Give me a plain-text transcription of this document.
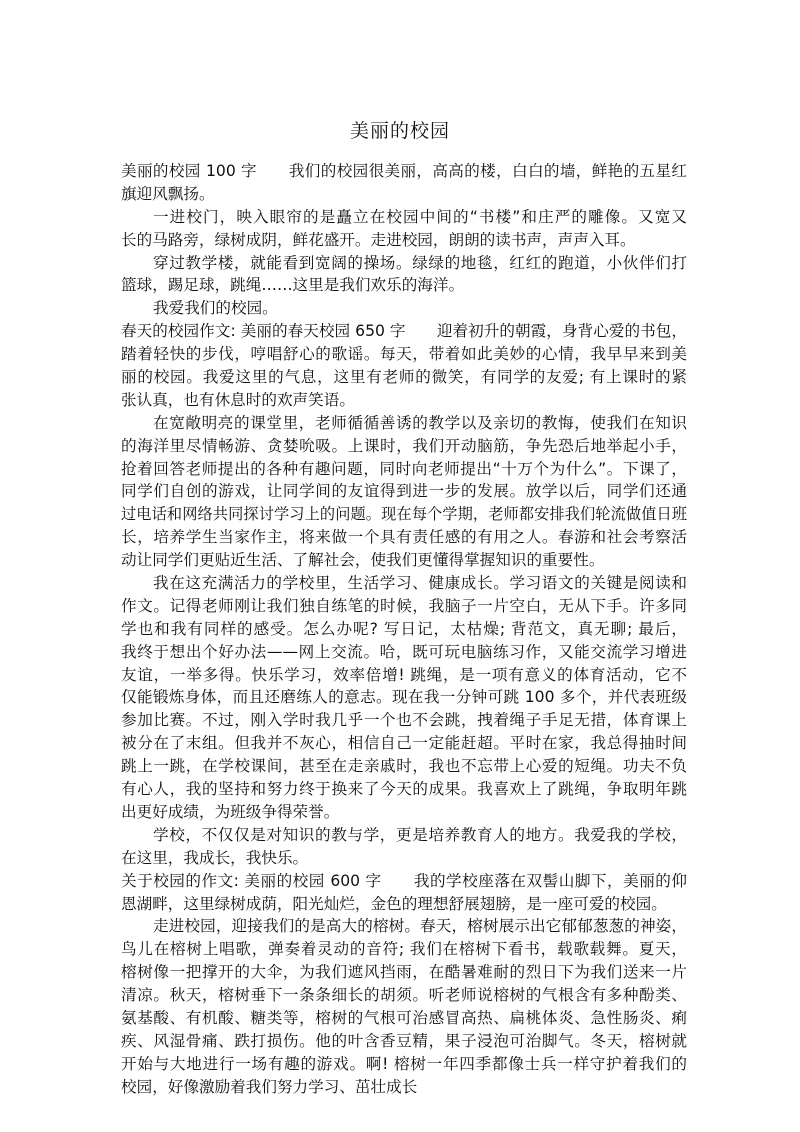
美丽的校园
美丽的校园 100 字　　我们的校园很美丽，高高的楼，白白的墙，鲜艳的五星红
旗迎风飘扬。
一进校门，映入眼帘的是矗立在校园中间的“书楼”和庄严的雕像。又宽又
长的马路旁，绿树成阴，鲜花盛开。走进校园，朗朗的读书声，声声入耳。
穿过教学楼，就能看到宽阔的操场。绿绿的地毯，红红的跑道，小伙伴们打
篮球，踢足球，跳绳……这里是我们欢乐的海洋。
我爱我们的校园。
春天的校园作文: 美丽的春天校园 650 字　　迎着初升的朝霞，身背心爱的书包，
踏着轻快的步伐，哼唱舒心的歌谣。每天，带着如此美妙的心情，我早早来到美
丽的校园。我爱这里的气息，这里有老师的微笑，有同学的友爱; 有上课时的紧
张认真，也有休息时的欢声笑语。
在宽敞明亮的课堂里，老师循循善诱的教学以及亲切的教悔，使我们在知识
的海洋里尽情畅游、贪婪吮吸。上课时，我们开动脑筋，争先恐后地举起小手，
抢着回答老师提出的各种有趣问题，同时向老师提出“十万个为什么”。下课了，
同学们自创的游戏，让同学间的友谊得到进一步的发展。放学以后，同学们还通
过电话和网络共同探讨学习上的问题。现在每个学期，老师都安排我们轮流做值日班
长，培养学生当家作主，将来做一个具有责任感的有用之人。春游和社会考察活
动让同学们更贴近生活、了解社会，使我们更懂得掌握知识的重要性。
我在这充满活力的学校里，生活学习、健康成长。学习语文的关键是阅读和
作文。记得老师刚让我们独自练笔的时候，我脑子一片空白，无从下手。许多同
学也和我有同样的感受。怎么办呢? 写日记，太枯燥; 背范文，真无聊; 最后，
我终于想出个好办法——网上交流。哈，既可玩电脑练习作，又能交流学习增进
友谊，一举多得。快乐学习，效率倍增! 跳绳，是一项有意义的体育活动，它不
仅能锻炼身体，而且还磨练人的意志。现在我一分钟可跳 100 多个，并代表班级
参加比赛。不过，刚入学时我几乎一个也不会跳，拽着绳子手足无措，体育课上
被分在了末组。但我并不灰心，相信自己一定能赶超。平时在家，我总得抽时间
跳上一跳，在学校课间，甚至在走亲戚时，我也不忘带上心爱的短绳。功夫不负
有心人，我的坚持和努力终于换来了今天的成果。我喜欢上了跳绳，争取明年跳
出更好成绩，为班级争得荣誉。
学校，不仅仅是对知识的教与学，更是培养教育人的地方。我爱我的学校，
在这里，我成长，我快乐。
关于校园的作文: 美丽的校园 600 字　　我的学校座落在双髻山脚下，美丽的仰
恩湖畔，这里绿树成荫，阳光灿烂，金色的理想舒展翅膀，是一座可爱的校园。
走进校园，迎接我们的是高大的榕树。春天，榕树展示出它郁郁葱葱的神姿，
鸟儿在榕树上唱歌，弹奏着灵动的音符; 我们在榕树下看书，载歌载舞。夏天，
榕树像一把撑开的大伞，为我们遮风挡雨，在酷暑难耐的烈日下为我们送来一片
清凉。秋天，榕树垂下一条条细长的胡须。听老师说榕树的气根含有多种酚类、
氨基酸、有机酸、糖类等，榕树的气根可治感冒高热、扁桃体炎、急性肠炎、痢
疾、风湿骨痛、跌打损伤。他的叶含香豆精，果子浸泡可治脚气。冬天，榕树就
开始与大地进行一场有趣的游戏。啊! 榕树一年四季都像士兵一样守护着我们的
校园，好像激励着我们努力学习、茁壮成长
